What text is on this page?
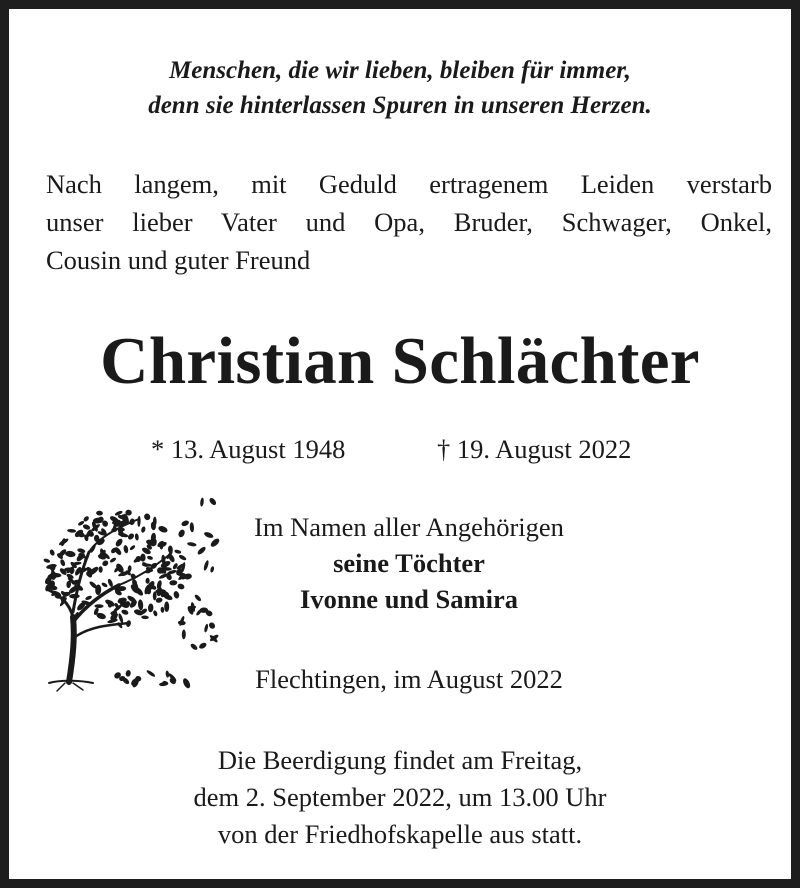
Menschen, die wir lieben, bleiben für immer,
denn sie hinterlassen Spuren in unseren Herzen.
Nach langem, mit Geduld ertragenem Leiden verstarb
unser lieber Vater und Opa, Bruder, Schwager, Onkel,
Cousin und guter Freund
Christian Schlächter
* 13. August 1948	† 19. August 2022
Im Namen aller Angehörigen
seine Töchter
Ivonne und Samira
Flechtingen, im August 2022
Die Beerdigung findet am Freitag,
dem 2. September 2022, um 13.00 Uhr
von der Friedhofskapelle aus statt.
